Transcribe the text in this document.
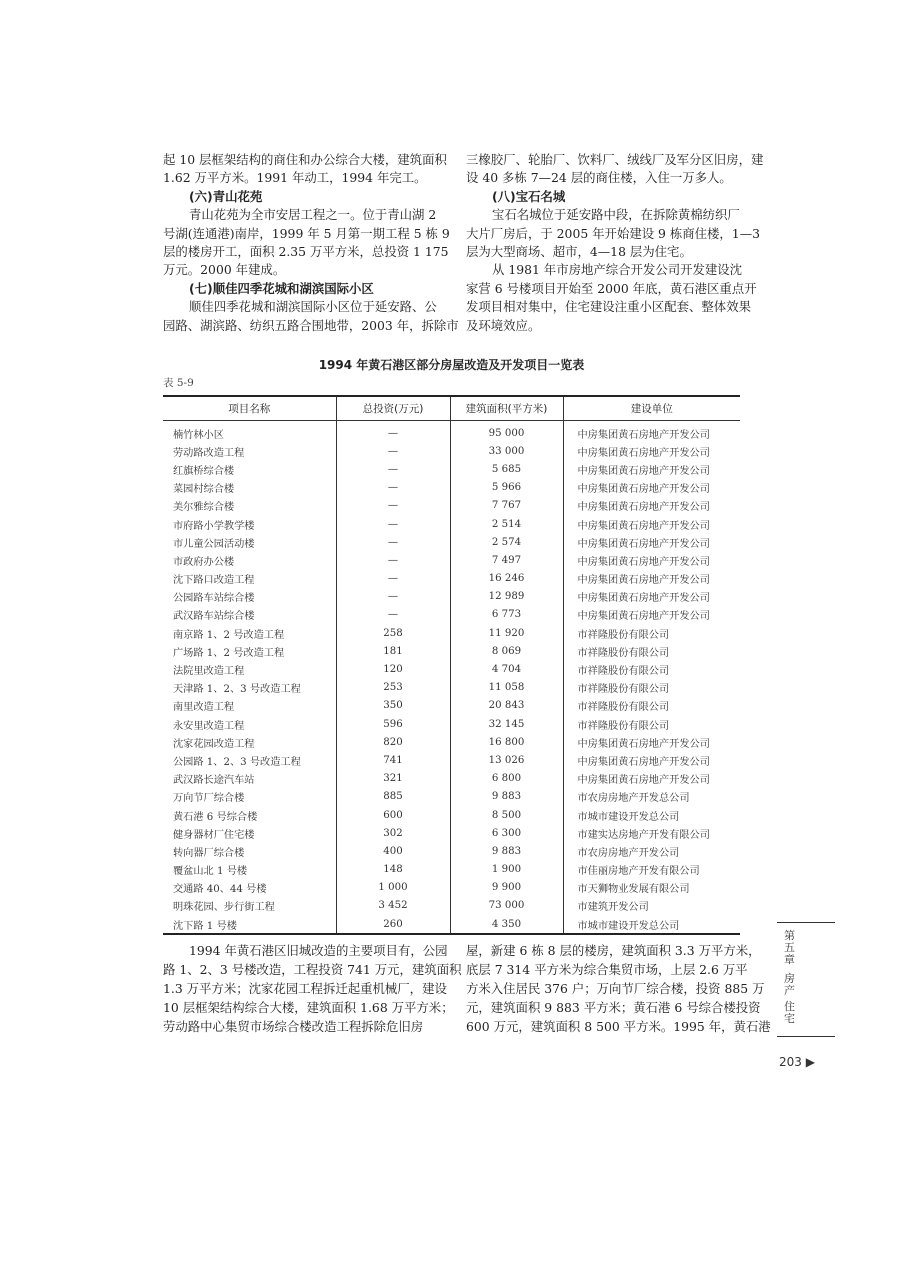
起 10 层框架结构的商住和办公综合大楼，建筑面积
1.62 万平方米。1991 年动工，1994 年完工。
(六)青山花苑
青山花苑为全市安居工程之一。位于青山湖 2
号湖(连通港)南岸，1999 年 5 月第一期工程 5 栋 9
层的楼房开工，面积 2.35 万平方米，总投资 1 175
万元。2000 年建成。
(七)顺佳四季花城和湖滨国际小区
顺佳四季花城和湖滨国际小区位于延安路、公
园路、湖滨路、纺织五路合围地带，2003 年，拆除市
三橡胶厂、轮胎厂、饮料厂、绒线厂及军分区旧房，建
设 40 多栋 7—24 层的商住楼，入住一万多人。
(八)宝石名城
宝石名城位于延安路中段，在拆除黄棉纺织厂
大片厂房后，于 2005 年开始建设 9 栋商住楼，1—3
层为大型商场、超市，4—18 层为住宅。
从 1981 年市房地产综合开发公司开发建设沈
家营 6 号楼项目开始至 2000 年底，黄石港区重点开
发项目相对集中，住宅建设注重小区配套、整体效果
及环境效应。
1994 年黄石港区部分房屋改造及开发项目一览表
表 5-9
项目名称	总投资(万元)	建筑面积(平方米)	建设单位
楠竹林小区	—	95 000	中房集团黄石房地产开发公司
劳动路改造工程	—	33 000	中房集团黄石房地产开发公司
红旗桥综合楼	—	5 685	中房集团黄石房地产开发公司
菜园村综合楼	—	5 966	中房集团黄石房地产开发公司
美尔雅综合楼	—	7 767	中房集团黄石房地产开发公司
市府路小学教学楼	—	2 514	中房集团黄石房地产开发公司
市儿童公园活动楼	—	2 574	中房集团黄石房地产开发公司
市政府办公楼	—	7 497	中房集团黄石房地产开发公司
沈下路口改造工程	—	16 246	中房集团黄石房地产开发公司
公园路车站综合楼	—	12 989	中房集团黄石房地产开发公司
武汉路车站综合楼	—	6 773	中房集团黄石房地产开发公司
南京路 1、2 号改造工程	258	11 920	市祥隆股份有限公司
广场路 1、2 号改造工程	181	8 069	市祥隆股份有限公司
法院里改造工程	120	4 704	市祥隆股份有限公司
天津路 1、2、3 号改造工程	253	11 058	市祥隆股份有限公司
南里改造工程	350	20 843	市祥隆股份有限公司
永安里改造工程	596	32 145	市祥隆股份有限公司
沈家花园改造工程	820	16 800	中房集团黄石房地产开发公司
公园路 1、2、3 号改造工程	741	13 026	中房集团黄石房地产开发公司
武汉路长途汽车站	321	6 800	中房集团黄石房地产开发公司
万向节厂综合楼	885	9 883	市农房房地产开发总公司
黄石港 6 号综合楼	600	8 500	市城市建设开发总公司
健身器材厂住宅楼	302	6 300	市建实达房地产开发有限公司
转向器厂综合楼	400	9 883	市农房房地产开发公司
覆盆山北 1 号楼	148	1 900	市佳丽房地产开发有限公司
交通路 40、44 号楼	1 000	9 900	市天狮物业发展有限公司
明珠花园、步行街工程	3 452	73 000	市建筑开发公司
沈下路 1 号楼	260	4 350	市城市建设开发总公司
1994 年黄石港区旧城改造的主要项目有，公园
路 1、2、3 号楼改造，工程投资 741 万元，建筑面积
1.3 万平方米；沈家花园工程拆迁起重机械厂，建设
10 层框架结构综合大楼，建筑面积 1.68 万平方米；
劳动路中心集贸市场综合楼改造工程拆除危旧房
屋，新建 6 栋 8 层的楼房，建筑面积 3.3 万平方米，
底层 7 314 平方米为综合集贸市场，上层 2.6 万平
方米入住居民 376 户；万向节厂综合楼，投资 885 万
元，建筑面积 9 883 平方米；黄石港 6 号综合楼投资
600 万元，建筑面积 8 500 平方米。1995 年，黄石港
第五章
房产
住宅
203 ▶
